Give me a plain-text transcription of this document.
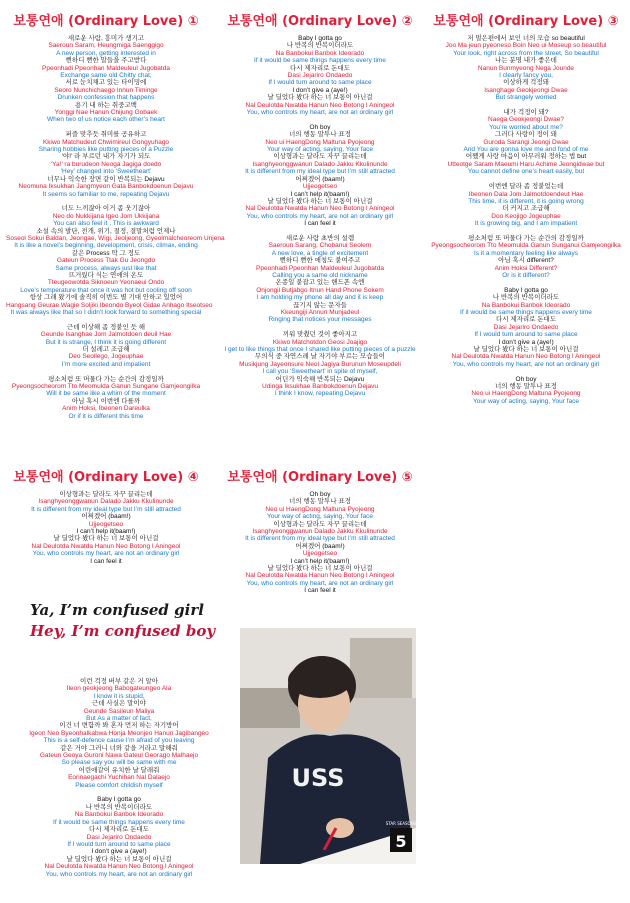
보통연애 (Ordinary Love) ①
새로운 사람, 흥미가 생기고
Saeroun Saram, Heungmiga Saenggigo
A new person, getting interested in
뻔하디 뻔한 말들을 주고받다
Ppeonhadi Ppeonhan Maldeuleul Jugobatda
Exchange same old Chitty chat,
서로 눈치채고 있는 타이밍에
Seoro Nunchichaego Innun Timinge
Drunken confession that happens
용기 내 하는 취중고백
Yonggi Nae Hanun Chijung Gobaek
When two of us notice each other’s heart
퍼즐 맞추듯 취미를 공유하고
Kkiwo Matchudeut Chwimireul Gongyuhago
Sharing hobbies like putting pieces of a Puzzle
‘야!’ 라 부르던 내가 자기가 되도
‘Ya!’ ra burudeon Neoga Jagiga doedo
‘Hey’ changed into ‘Sweetheart’
너무나 익숙한 장면 같이 반복되는 Dejavu
Neomuna Iksukhan Jangmyeon Gata Banbokdoenun Dejavu
It seems so familiar to me, repeating Dejavu
너도 느끼잖아 이거 좀 웃기잖아
Neo do Nukkijana Igeo Jom Ukkijana
You can also feel it , This is awkward
소설 속의 발단, 전개, 위기, 절정, 결말처럼 언제나
Soseol Sokui Baldan, Jeongae, Wigi, Jeoljeong, Gyeolmalcheoreom Unjena
It is like a novel’s beginning, development, crisis, climax, ending
같은 Process 딱 그 정도
Gateun Process Ttak Gu Jeongdo
Same process, always just like that
뜨거웠다 식는 연애의 온도
Tteugeowotda Siknoeun Yeonaeui Ondo
Love’s temperature that once it was hot but cooling off soon
항상 그래 왔기에 솔직히 이번도 별 기대 안하고 있었어
Hangsang Geurae Wagie Soljiki Ibeondo Byeol Gidae Anhago Itseotseo
It was always like that so I didn’t look forward to something special
근데 이상해 좀 정붙인 듯 해
Geunde Isanghae Jom Jalmotdoen deuil Hae
But it is strange, I think it is going different
더 설레고 조급해
Deo Seollego, Jogeuphae
I’m more excited and impatient
평소처럼 또 머물다 가는 순간의 감정일까
Pyeongsocheorom Tto Meomulda Ganun Sungane Gamjeongilka
Will it be same like a whim of the moment
아님 혹시 이번엔 다를까
Anim Hoksi, Ibeonen Dareulka
Or if it is different this time
보통연애 (Ordinary Love) ②
Baby I gotta go
나 반복의 반복이더라도
Na Banbokui Banbok Ideorado
If it would be same things happens every time
다시 제자리로 돈대도
Dasi Jejariro Ondaedo
If I would turn around to same place
I don’t give a (aye!)
날 딜었다 봤다 하는 너 보통이 아닌걸
Nal Deulotda Nwatda Hanun Neo Botong I Aningeol
You, who controls my heart, are not an ordinary girl
Oh boy
너의 행동 말투나 표정
Neo ui HaengDong Maltuna Pyojeong
Your way of acting, saying, Your face
이상형과는 달라도 자꾸 끌리는데
Isanghyeonggwanun Dalado Jakku Kkulinunde
It is different from my ideal type but I’m still attracted
어쩌겠어 (baam!)
Ujjeogetseo
I can’t help it(baam!)
날 딜었다 봤다 하는 너 보통이 아닌걸
Nal Deulotda Nwatda Hanun Neo Botong I Aningeol
You, who controls my heart, are not an ordinary girl
I can feel it
새로운 사람 초반의 설렘
Saeroun Sarang, Chobanui Seolem
A new love, a tingle of excitement
뻔하디 뻔한 애칭도 붙여주고
Ppeonhadi Ppeonhan Maldeuleul Jugobatda
Calling you a same old nickname
온종일 붙잡고 있는 핸드폰 속엔
Onjongil Butjabgo Itnun Hand Phone Sokem
I am holding my phone all day and it is keep
끊기지 않는 문자들
Kkeungiji Annun Munjadeul
Ringing that notices your messages
끼워 맞췄던 것이 좋아지고
Kkiwo Matchotdon Geosi Joajigo
I get to like things that once I shared like putting pieces of a puzzle
무의식 중 자연스레 날 자기야 부르는 모습들이
Musikjung Jayeonsure Neol Jagiya Burunun Moseupdeli
I call you ‘Sweetheart’ in spite of myself,
어딘가 익숙해 반복되는 Dejavu
Udinga Iksukhae Banbokdoenun Dejavu
I think I know, repeating Dejavu
보통연애 (Ordinary Love) ③
저 멀은편에서 보인 너의 모습 so beautiful
Joo Ma jeun pyeoneso Boin Neo ui Moseup so beautiful
Your look, right across from the street, So beautiful
나는 분명 내가 좋은데
Nanun Bunmyeong Nega Jounde
I clearly fancy you,
이상하게 걱정돼
Isanghage Geokjeongi Dwae
But strangely worried
내가 걱정이 돼?
Naega Geokjeongi Dwae?
You’re worried about me?
그러다 사랑이 정이 돼
Guroda Sarangi Jeongi Dwae
And You are gonna love me and fond of me
어쨌게 사랑 마음이 아무러워 정하는 법 but
Utteotge Saram Maeumi Haru Achime Jeongidwae but
You cannot define one’s heart easily, but
이번엔 달라 좀 정붙었는데
Ibeonen Dala Jom Jalmotdoendeut Hae
This time, it is different, it is going wrong
더 커지고 조급해
Doo Keojigo Jogeuphae
It is growing big, and I am impatient
평소처럼 또 머물다 가는 순간의 감정일까
Pyeongsocheorom Tto Meomulda Ganun Sunganui Gamjeongilka
Is it a momentary feeling like always
아님 혹시 different?
Anim Hoksi Different?
Or is it different?
Baby I gotta go
나 반복의 반복이더라도
Na Banbokui Banbok Ideorado
If it would be same things happens every time
다시 제자리로 돈대도
Dasi Jejariro Ondaedo
If I would turn around to same place
I don’t give a (aye!)
날 딜었다 봤다 하는 너 보통이 아닌걸
Nal Deulotda Nwatda Hanun Neo Botong I Aningeol
You, who controls my heart, are not an ordinary girl
Oh boy
너의 행동 말투나 표정
Neo ui HaengDong Maltuna Pyojeong
Your way of acting, saying, Your face
보통연애 (Ordinary Love) ④
이상형과는 달라도 자꾸 끌리는데
Isanghyeonggwanun Dalado Jakku Kkulinunde
It is different from my ideal type but I’m still attracted
어쩌겠어 (baam!)
Ujjeogetseo
I can’t help it(baam!)
날 딜었다 봤다 하는 너 보통이 아닌걸
Nal Deulotda Nwatda Hanun Neo Botong I Aningeol
You, who controls my heart, are not an ordinary girl
I can feel it
보통연애 (Ordinary Love) ⑤
Oh boy
너의 행동 말투나 표정
Neo ui HaengDong Maltuna Pyojeong
Your way of acting, saying, Your face
이상형과는 달라도 자꾸 끌리는데
Isanghyeonggwanun Dalado Jakku Kkulinunde
It is different from my ideal type but I’m still attracted
어쩌겠어 (baam!)
Ujjeogetseo
I can’t help it(baam!)
날 딜었다 봤다 하는 너 보통이 아닌걸
Nal Deulotda Nwatda Hanun Neo Botong I Aningeol
You, who controls my heart, are not an ordinary girl
I can feel it
Ya, I’m confused girl
Hey, I’m confused boy
이런 걱정 버부 같은 거 알아
Ileon geokjeong Babogateungeo Ala
I know it is stupid,
근데 사실은 말이야
Geunde Sasileun Maliya
But As a matter of fact,
이건 너 변함까 봐 혼자 먼저 하는 자기방어
Igeon Neo Byeonhalkabwa Honja Meonjeo Hanun Jagibangeo
This is a self-defence cause I’m afraid of you leaving
같은 거야 그러니 너와 같을 거라고 말해줘
Gateun Geoya Guroni Nawa Gateul Georago Malhaejo
So please say you will be same with me
어린애같이 유치한 날 달래줘
Eorinaegachi Yuchihan Nal Dalaejo
Please comfort childish myself
Baby I gotta go
나 반복의 반복이더라도
Na Banbokui Banbok Ideorado
If it would be same things happens every time
다시 제자리로 돈대도
Dasi Jejariro Ondaedo
If I would turn around to same place
I don’t give a (aye!)
날 딜었다 봤다 하는 너 보통이 아닌걸
Nal Deulotda Nwatda Hanun Neo Botong I Aningeol
You, who controls my heart, are not an ordinary girl
USS
5
STAR SEASONS
